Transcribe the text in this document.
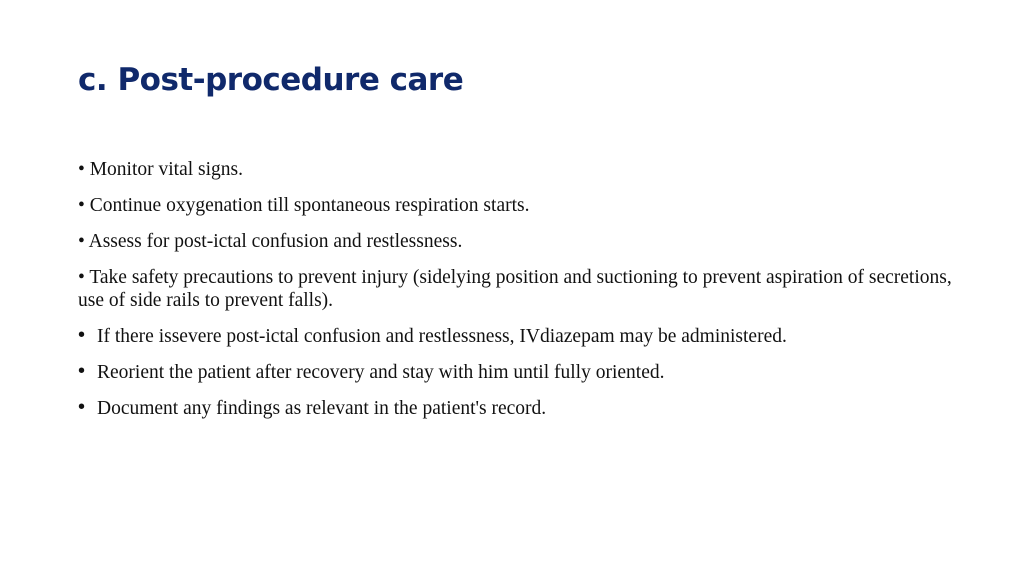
c. Post-procedure care

• Monitor vital signs.

• Continue oxygenation till spontaneous respiration starts.

• Assess for post-ictal confusion and restlessness.

• Take safety precautions to prevent injury (sidelying position and suctioning to prevent aspiration of secretions, use of side rails to prevent falls).

• If there issevere post-ictal confusion and restlessness, IVdiazepam may be administered.
• Reorient the patient after recovery and stay with him until fully oriented.
• Document any findings as relevant in the patient's record.
